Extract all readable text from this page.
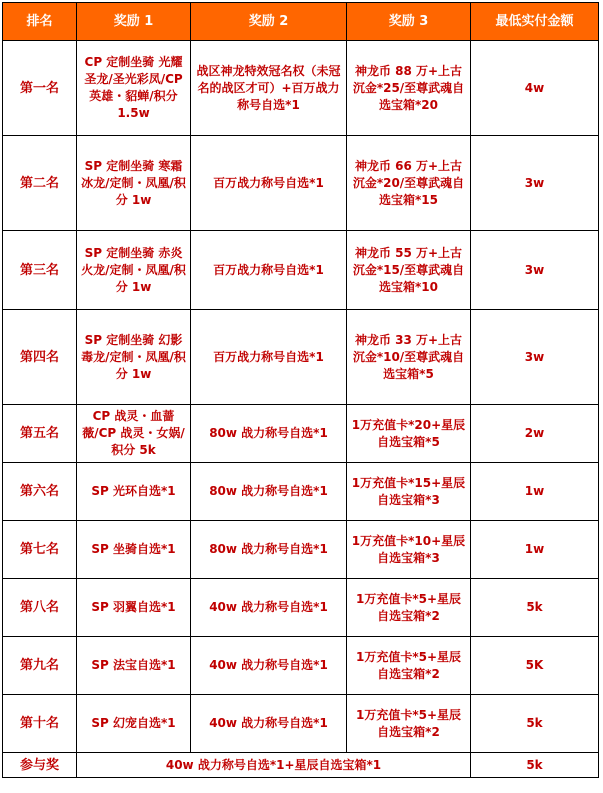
排名	奖励 1	奖励 2	奖励 3	最低实付金额
第一名	CP 定制坐骑 光耀圣龙/圣光彩凤/CP 英雄・貂蝉/积分 1.5w	战区神龙特效冠名权（未冠名的战区才可）+百万战力称号自选*1	神龙币 88 万+上古沉金*25/至尊武魂自选宝箱*20	4w
第二名	SP 定制坐骑 寒霜冰龙/定制・凤凰/积分 1w	百万战力称号自选*1	神龙币 66 万+上古沉金*20/至尊武魂自选宝箱*15	3w
第三名	SP 定制坐骑 赤炎火龙/定制・凤凰/积分 1w	百万战力称号自选*1	神龙币 55 万+上古沉金*15/至尊武魂自选宝箱*10	3w
第四名	SP 定制坐骑 幻影毒龙/定制・凤凰/积分 1w	百万战力称号自选*1	神龙币 33 万+上古沉金*10/至尊武魂自选宝箱*5	3w
第五名	CP 战灵・血蔷薇/CP 战灵・女娲/ 积分 5k	80w 战力称号自选*1	1万充值卡*20+星辰自选宝箱*5	2w
第六名	SP 光环自选*1	80w 战力称号自选*1	1万充值卡*15+星辰自选宝箱*3	1w
第七名	SP 坐骑自选*1	80w 战力称号自选*1	1万充值卡*10+星辰自选宝箱*3	1w
第八名	SP 羽翼自选*1	40w 战力称号自选*1	1万充值卡*5+星辰自选宝箱*2	5k
第九名	SP 法宝自选*1	40w 战力称号自选*1	1万充值卡*5+星辰自选宝箱*2	5K
第十名	SP 幻宠自选*1	40w 战力称号自选*1	1万充值卡*5+星辰自选宝箱*2	5k
参与奖	40w 战力称号自选*1+星辰自选宝箱*1			5k
